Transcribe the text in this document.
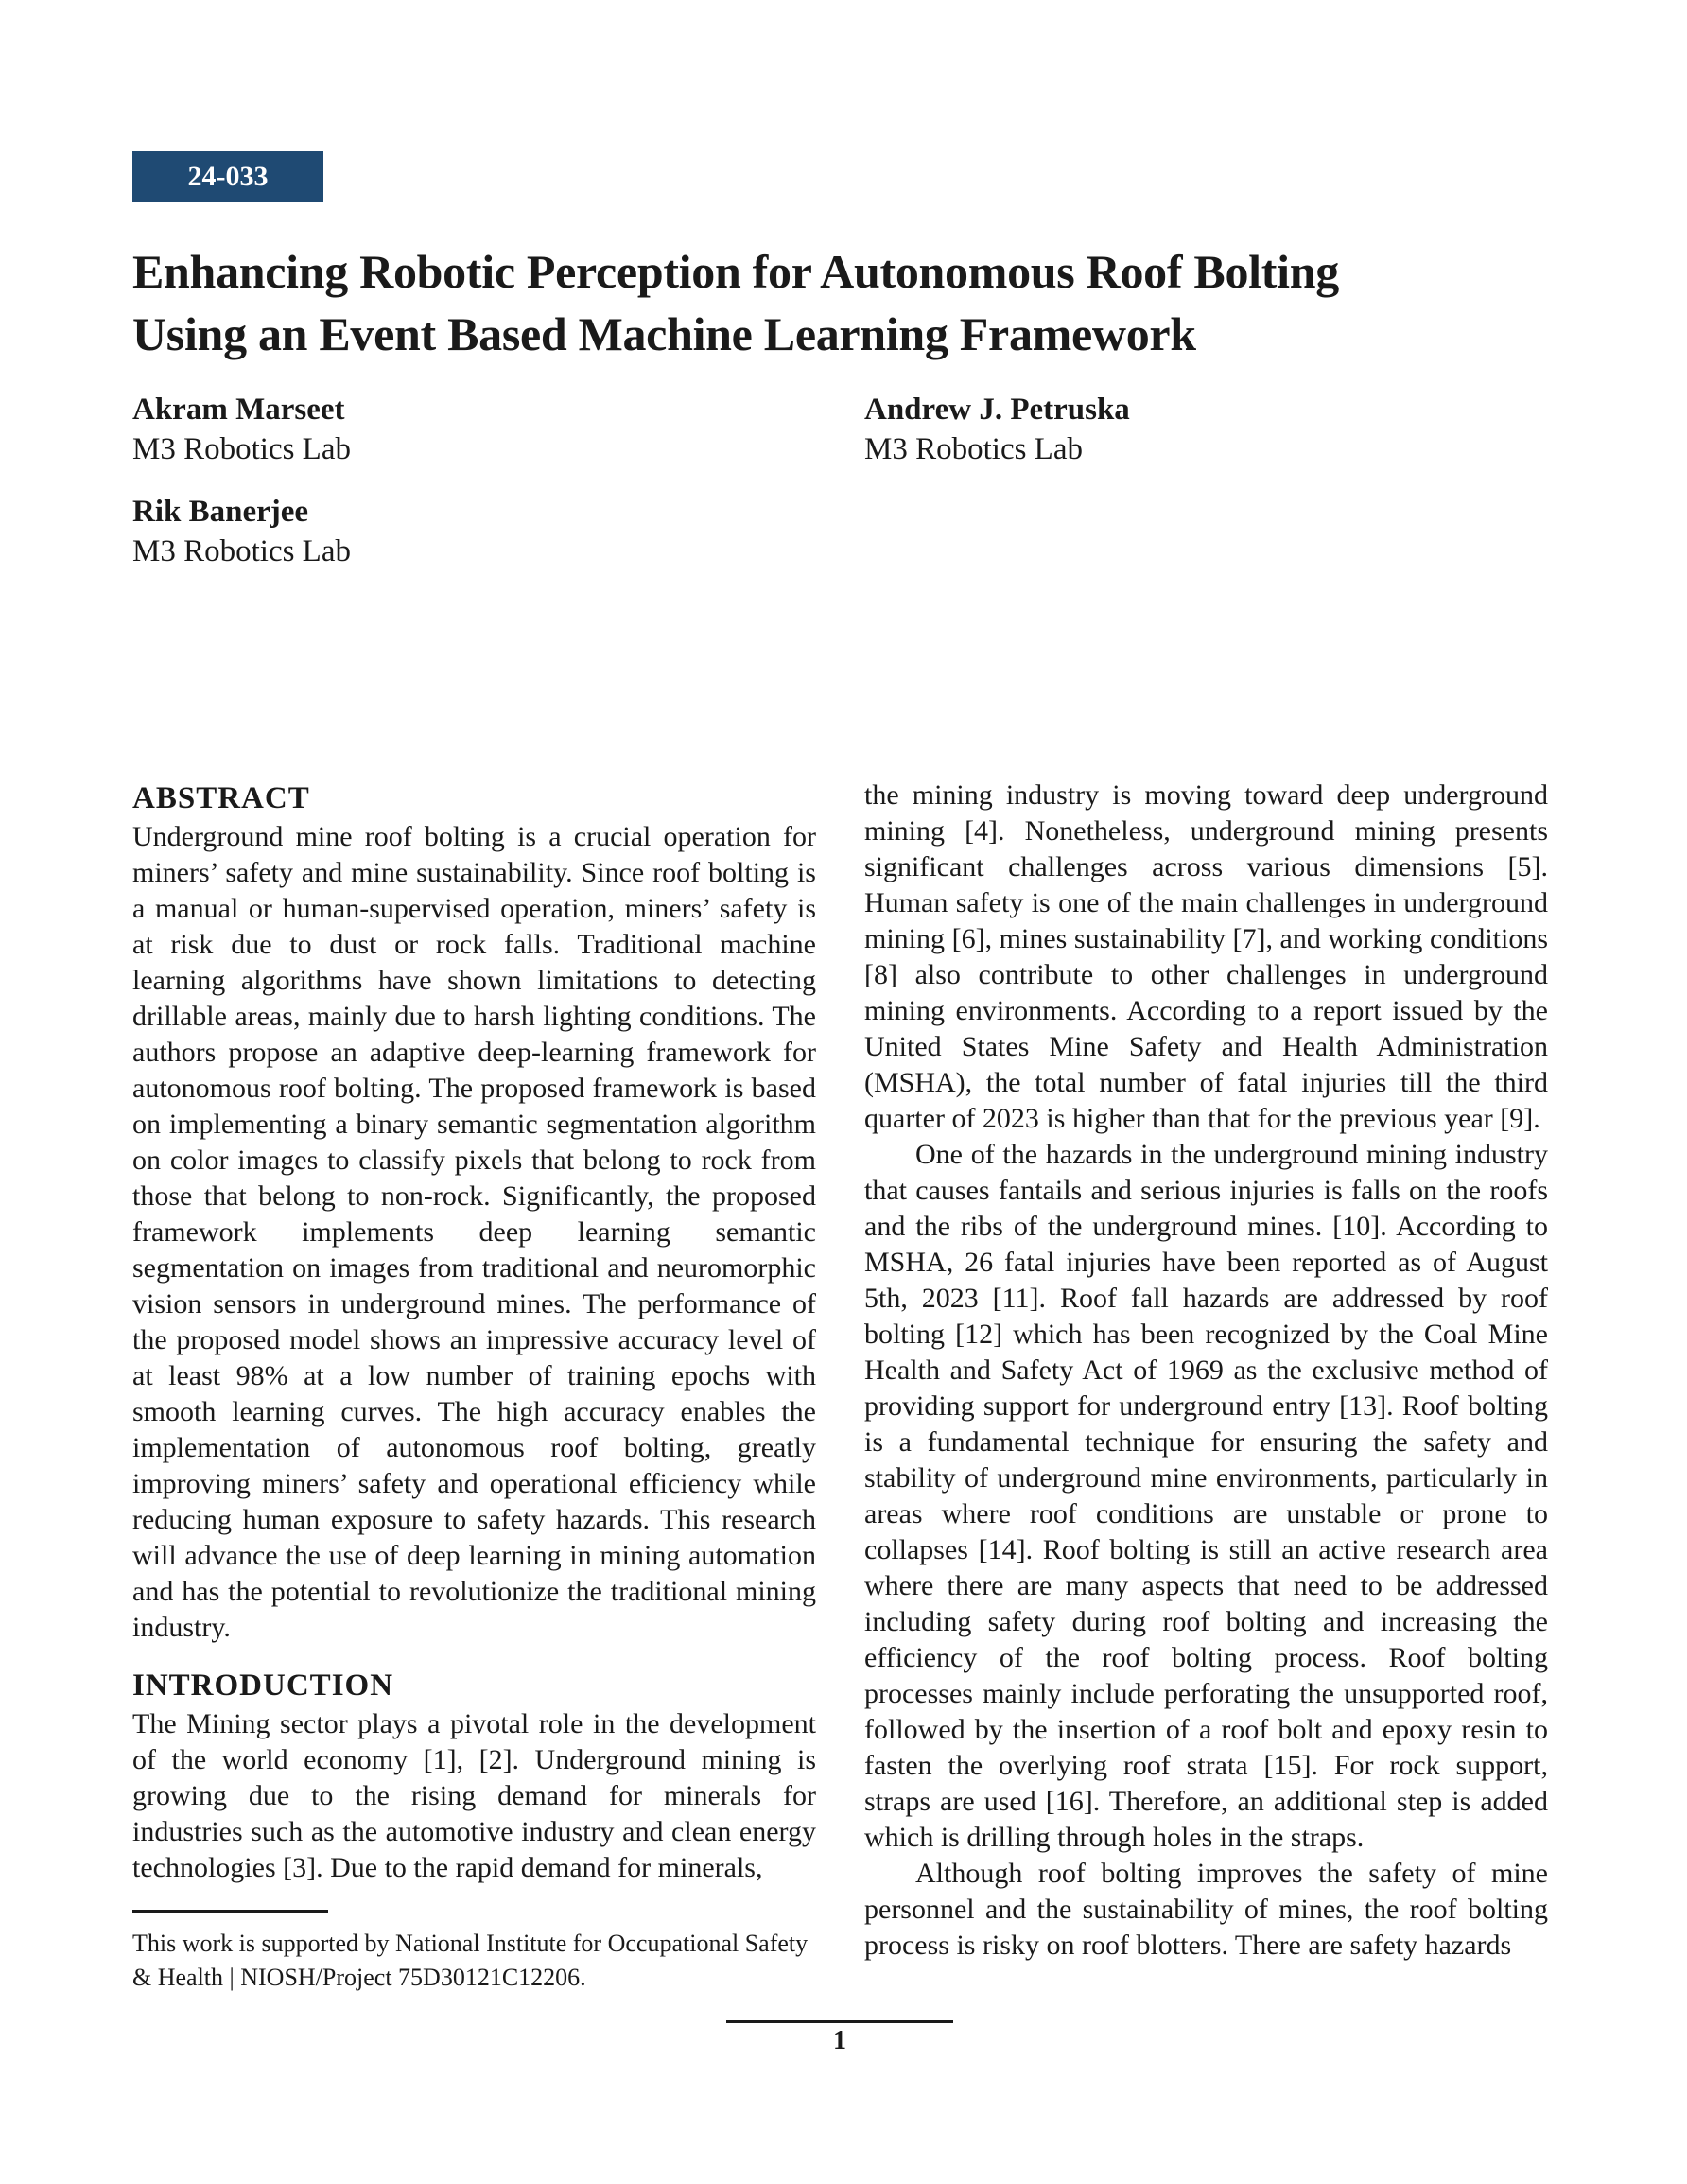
24-033
Enhancing Robotic Perception for Autonomous Roof Bolting
Using an Event Based Machine Learning Framework
Akram Marseet
M3 Robotics Lab
Andrew J. Petruska
M3 Robotics Lab
Rik Banerjee
M3 Robotics Lab
ABSTRACT

Underground mine roof bolting is a crucial operation for miners’ safety and mine sustainability. Since roof bolting is a manual or human-supervised operation, miners’ safety is at risk due to dust or rock falls. Traditional machine learning algorithms have shown limitations to detecting drillable areas, mainly due to harsh lighting conditions. The authors propose an adaptive deep-learning framework for autonomous roof bolting. The proposed framework is based on implementing a binary semantic segmentation algorithm on color images to classify pixels that belong to rock from those that belong to non-rock. Significantly, the proposed framework implements deep learning semantic segmentation on images from traditional and neuromorphic vision sensors in underground mines. The performance of the proposed model shows an impressive accuracy level of at least 98% at a low number of training epochs with smooth learning curves. The high accuracy enables the implementation of autonomous roof bolting, greatly improving miners’ safety and operational efficiency while reducing human exposure to safety hazards. This research will advance the use of deep learning in mining automation and has the potential to revolutionize the traditional mining industry.

INTRODUCTION

The Mining sector plays a pivotal role in the development of the world economy [1], [2]. Underground mining is growing due to the rising demand for minerals for industries such as the automotive industry and clean energy technologies [3]. Due to the rapid demand for minerals,

the mining industry is moving toward deep underground mining [4]. Nonetheless, underground mining presents significant challenges across various dimensions [5]. Human safety is one of the main challenges in underground mining [6], mines sustainability [7], and working conditions [8] also contribute to other challenges in underground mining environments. According to a report issued by the United States Mine Safety and Health Administration (MSHA), the total number of fatal injuries till the third quarter of 2023 is higher than that for the previous year [9].

One of the hazards in the underground mining industry that causes fantails and serious injuries is falls on the roofs and the ribs of the underground mines. [10]. According to MSHA, 26 fatal injuries have been reported as of August 5th, 2023 [11]. Roof fall hazards are addressed by roof bolting [12] which has been recognized by the Coal Mine Health and Safety Act of 1969 as the exclusive method of providing support for underground entry [13]. Roof bolting is a fundamental technique for ensuring the safety and stability of underground mine environments, particularly in areas where roof conditions are unstable or prone to collapses [14]. Roof bolting is still an active research area where there are many aspects that need to be addressed including safety during roof bolting and increasing the efficiency of the roof bolting process. Roof bolting processes mainly include perforating the unsupported roof, followed by the insertion of a roof bolt and epoxy resin to fasten the overlying roof strata [15]. For rock support, straps are used [16]. Therefore, an additional step is added which is drilling through holes in the straps.

Although roof bolting improves the safety of mine personnel and the sustainability of mines, the roof bolting process is risky on roof blotters. There are safety hazards

This work is supported by National Institute for Occupational Safety & Health | NIOSH/Project 75D30121C12206.

1
